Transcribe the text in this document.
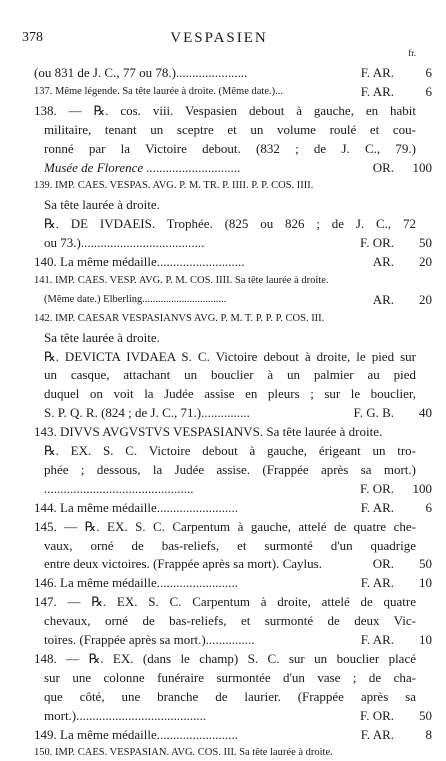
378	VESPASIEN
fr.
(ou 831 de J. C., 77 ou 78.)......................	F. AR.	6
137. Même légende. Sa tête laurée à droite. (Même date.)...	F. AR.	6
138. — ℞. cos. viii. Vespasien debout à gauche, en habit
militaire, tenant un sceptre et un volume roulé et cou-
ronné par la Victoire debout. (832 ; de J. C., 79.)
Musée de Florence .............................	OR.	100
139. IMP. CAES. VESPAS. AVG. P. M. TR. P. IIII. P. P. COS. IIII.
Sa tête laurée à droite.
℞. DE IVDAEIS. Trophée. (825 ou 826 ; de J. C., 72
ou 73.)......................................	F. OR.	50
140. La même médaille...........................	AR.	20
141. IMP. CAES. VESP. AVG. P. M. COS. IIII. Sa tête laurée à droite.
(Même date.) Elberling................................	AR.	20
142. IMP. CAESAR VESPASIANVS AVG. P. M. T. P. P. P. COS. III.
Sa tête laurée à droite.
℞. DEVICTA IVDAEA S. C. Victoire debout à droite, le pied sur
un casque, attachant un bouclier à un palmier au pied
duquel on voit la Judée assise en pleurs ; sur le bouclier,
S. P. Q. R. (824 ; de J. C., 71.)...............	F. G. B.	40
143. DIVVS AVGVSTVS VESPASIANVS. Sa tête laurée à droite.
℞. EX. S. C. Victoire debout à gauche, érigeant un tro-
phée ; dessous, la Judée assise. (Frappée après sa mort.)
..............................................	F. OR.	100
144. La même médaille.........................	F. AR.	6
145. — ℞. EX. S. C. Carpentum à gauche, attelé de quatre che-
vaux, orné de bas-reliefs, et surmonté d'un quadrige
entre deux victoires. (Frappée après sa mort). Caylus.	OR.	50
146. La même médaille.........................	F. AR.	10
147. — ℞. EX. S. C. Carpentum à droite, attelé de quatre
chevaux, orné de bas-reliefs, et surmonté de deux Vic-
toires. (Frappée après sa mort.)...............	F. AR.	10
148. — ℞. EX. (dans le champ) S. C. sur un bouclier placé
sur une colonne funéraire surmontée d'un vase ; de cha-
que côté, une branche de laurier. (Frappée après sa
mort.)........................................	F. OR.	50
149. La même médaille.........................	F. AR.	8
150. IMP. CAES. VESPASIAN. AVG. COS. III. Sa tête laurée à droite.
